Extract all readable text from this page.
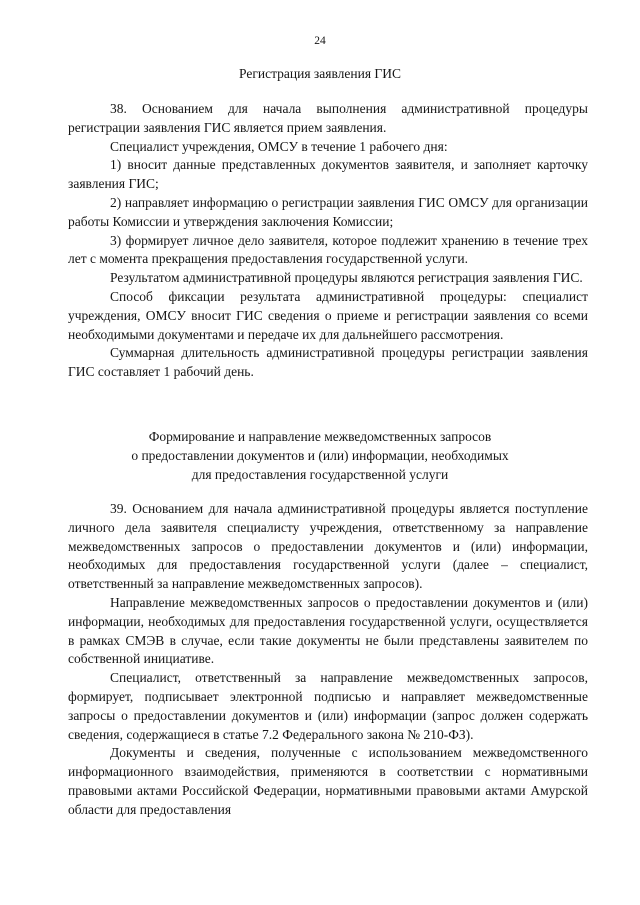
24
Регистрация заявления ГИС

38. Основанием для начала выполнения административной процедуры регистрации заявления ГИС является прием заявления.

Специалист учреждения, ОМСУ в течение 1 рабочего дня:

1) вносит данные представленных документов заявителя, и заполняет карточку заявления ГИС;

2) направляет информацию о регистрации заявления ГИС ОМСУ для организации работы Комиссии и утверждения заключения Комиссии;

3) формирует личное дело заявителя, которое подлежит хранению в течение трех лет с момента прекращения предоставления государственной услуги.

Результатом административной процедуры являются регистрация заявления ГИС.

Способ фиксации результата административной процедуры: специалист учреждения, ОМСУ вносит ГИС сведения о приеме и регистрации заявления со всеми необходимыми документами и передаче их для дальнейшего рассмотрения.

Суммарная длительность административной процедуры регистрации заявления ГИС составляет 1 рабочий день.

Формирование и направление межведомственных запросов
о предоставлении документов и (или) информации, необходимых
для предоставления государственной услуги

39. Основанием для начала административной процедуры является поступление личного дела заявителя специалисту учреждения, ответственному за направление межведомственных запросов о предоставлении документов и (или) информации, необходимых для предоставления государственной услуги (далее – специалист, ответственный за направление межведомственных запросов).

Направление межведомственных запросов о предоставлении документов и (или) информации, необходимых для предоставления государственной услуги, осуществляется в рамках СМЭВ в случае, если такие документы не были представлены заявителем по собственной инициативе.

Специалист, ответственный за направление межведомственных запросов, формирует, подписывает электронной подписью и направляет межведомственные запросы о предоставлении документов и (или) информации (запрос должен содержать сведения, содержащиеся в статье 7.2 Федерального закона № 210-ФЗ).

Документы и сведения, полученные с использованием межведомственного информационного взаимодействия, применяются в соответствии с нормативными правовыми актами Российской Федерации, нормативными правовыми актами Амурской области для предоставления
